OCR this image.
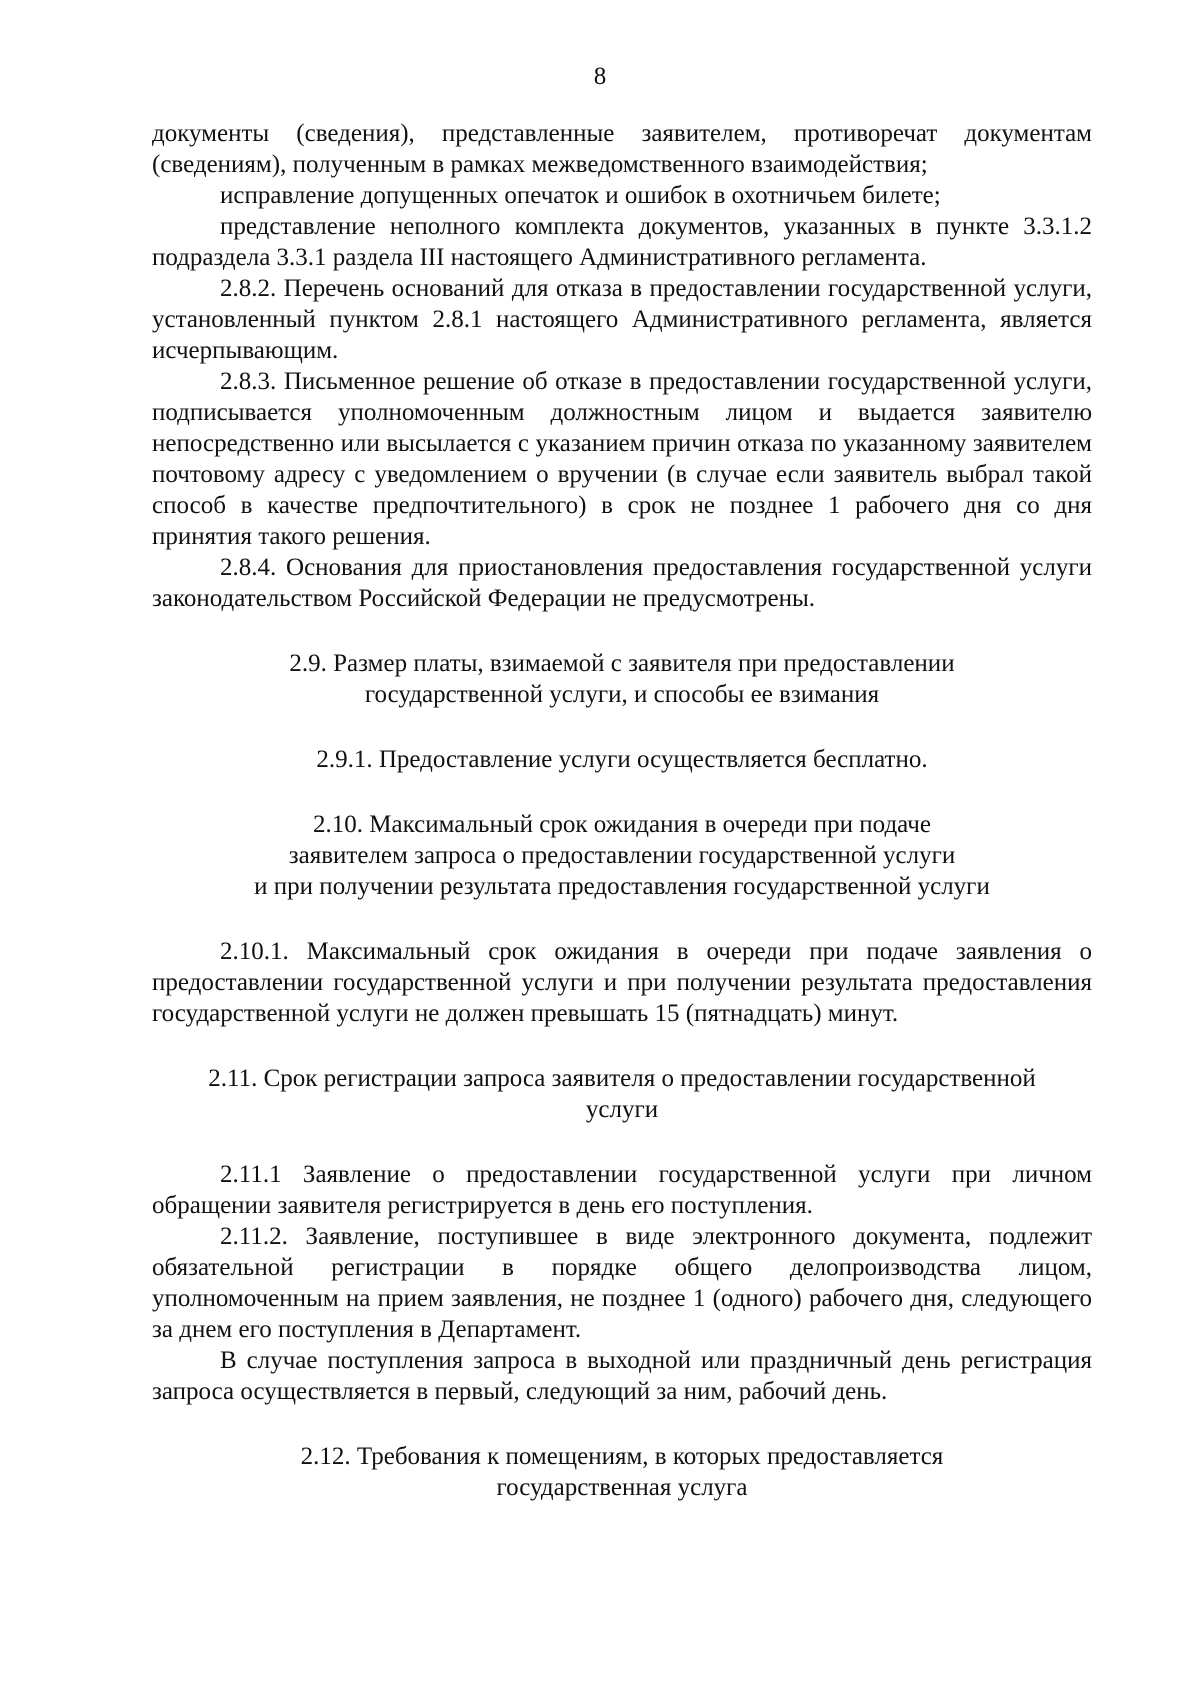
8

документы (сведения), представленные заявителем, противоречат документам (сведениям), полученным в рамках межведомственного взаимодействия;

исправление допущенных опечаток и ошибок в охотничьем билете;

представление неполного комплекта документов, указанных в пункте 3.3.1.2 подраздела 3.3.1 раздела III настоящего Административного регламента.

2.8.2. Перечень оснований для отказа в предоставлении государственной услуги, установленный пунктом 2.8.1 настоящего Административного регламента, является исчерпывающим.

2.8.3. Письменное решение об отказе в предоставлении государственной услуги, подписывается уполномоченным должностным лицом и выдается заявителю непосредственно или высылается с указанием причин отказа по указанному заявителем почтовому адресу с уведомлением о вручении (в случае если заявитель выбрал такой способ в качестве предпочтительного) в срок не позднее 1 рабочего дня со дня принятия такого решения.

2.8.4. Основания для приостановления предоставления государственной услуги законодательством Российской Федерации не предусмотрены.

2.9. Размер платы, взимаемой с заявителя при предоставлении
государственной услуги, и способы ее взимания
2.9.1. Предоставление услуги осуществляется бесплатно.
2.10. Максимальный срок ожидания в очереди при подаче
заявителем запроса о предоставлении государственной услуги
и при получении результата предоставления государственной услуги

2.10.1. Максимальный срок ожидания в очереди при подаче заявления о предоставлении государственной услуги и при получении результата предоставления государственной услуги не должен превышать 15 (пятнадцать) минут.

2.11. Срок регистрации запроса заявителя о предоставлении государственной
услуги

2.11.1 Заявление о предоставлении государственной услуги при личном обращении заявителя регистрируется в день его поступления.

2.11.2. Заявление, поступившее в виде электронного документа, подлежит обязательной регистрации в порядке общего делопроизводства лицом, уполномоченным на прием заявления, не позднее 1 (одного) рабочего дня, следующего за днем его поступления в Департамент.

В случае поступления запроса в выходной или праздничный день регистрация запроса осуществляется в первый, следующий за ним, рабочий день.

2.12. Требования к помещениям, в которых предоставляется
государственная услуга
